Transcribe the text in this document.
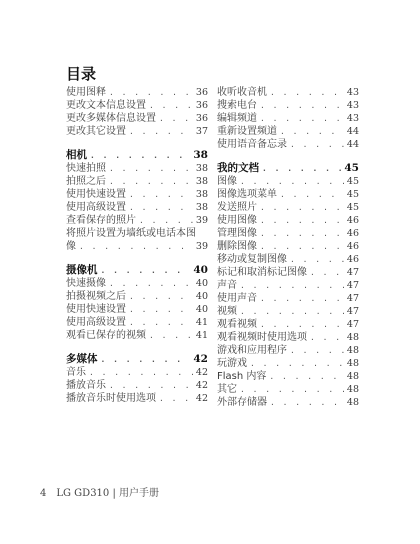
目录
使用图释 . . .	36
更改文本信息设置 . . .	36
更改多媒体信息设置 . . .	36
更改其它设置 . . .	37
相机 . . .	38
快速拍照 . . .	38
拍照之后 . . .	38
使用快速设置 . . .	38
使用高级设置 . . .	38
查看保存的照片 . . .	39
将照片设置为墙纸或电话本图
像 . . .	39
摄像机 . . .	40
快速摄像 . . .	40
拍摄视频之后 . . .	40
使用快速设置 . . .	40
使用高级设置 . . .	41
观看已保存的视频 . . .	41
多媒体 . . .	42
音乐 . . .	42
播放音乐 . . .	42
播放音乐时使用选项 . . .	42
收听收音机 . . .	43
搜索电台 . . .	43
编辑频道 . . .	43
重新设置频道 . . .	44
使用语音备忘录 . . .	44
我的文档 . . .	45
图像 . . .	45
图像选项菜单 . . .	45
发送照片 . . .	45
使用图像 . . .	46
管理图像 . . .	46
删除图像 . . .	46
移动或复制图像 . . .	46
标记和取消标记图像 . . .	47
声音 . . .	47
使用声音 . . .	47
视频 . . .	47
观看视频 . . .	47
观看视频时使用选项 . . .	48
游戏和应用程序 . . .	48
玩游戏 . . .	48
Flash 内容 . . .	48
其它 . . .	48
外部存储器 . . .	48
4 LG GD310 | 用户手册
